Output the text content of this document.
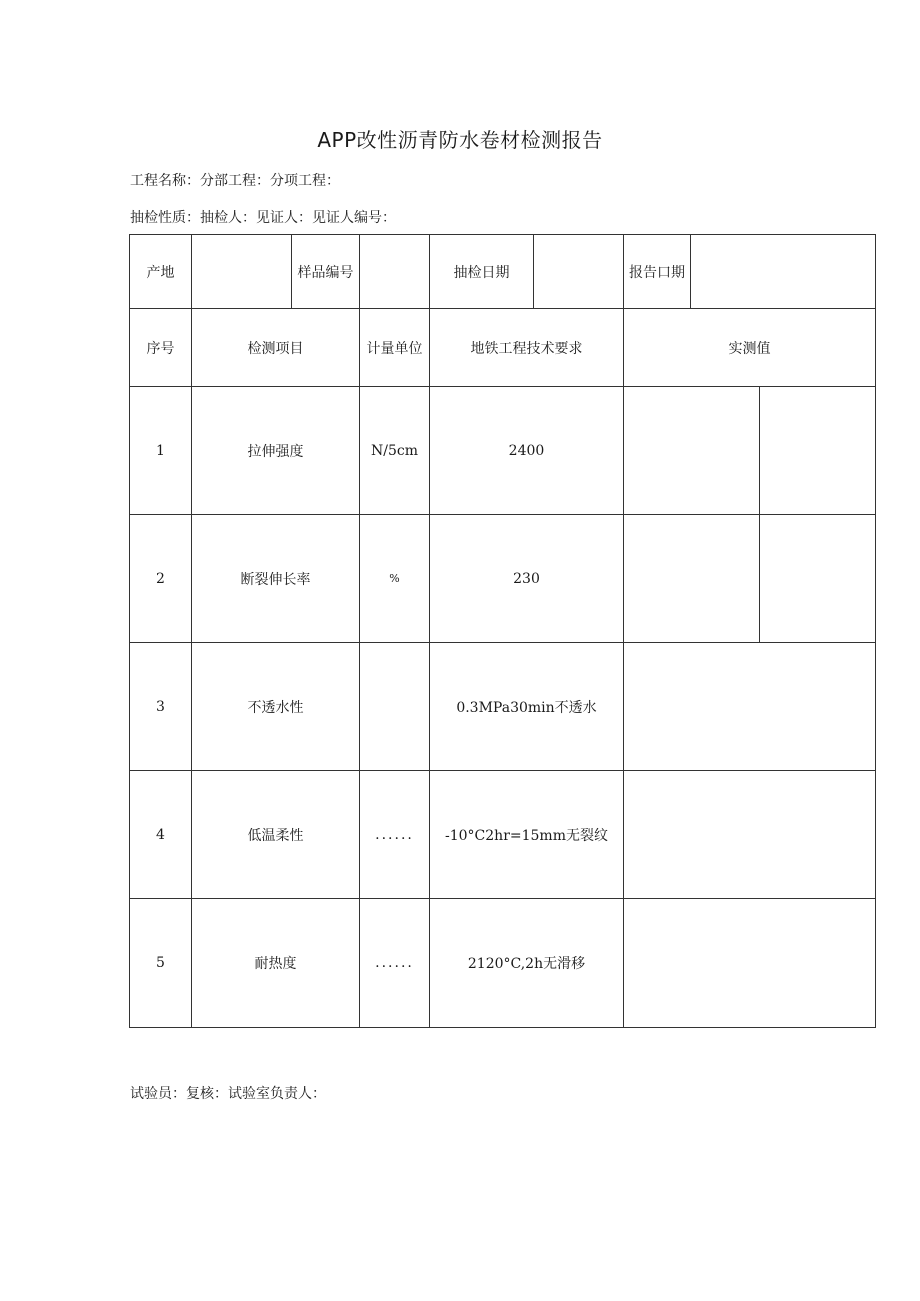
APP改性沥青防水卷材检测报告
工程名称：分部工程：分项工程：
抽检性质：抽检人：见证人：见证人编号：
产地		样品编号		抽检日期		报告口期		
序号	检测项目		计量单位	地铁工程技术要求		实测值		
1	拉伸强度		N/5cm	2400				
2	断裂伸长率		%	230				
3	不透水性			0.3MPa30min不透水				
4	低温柔性		......	-10°C2hr=15mm无裂纹				
5	耐热度		......	2120°C,2h无滑移				
试验员：复核：试验室负责人：
